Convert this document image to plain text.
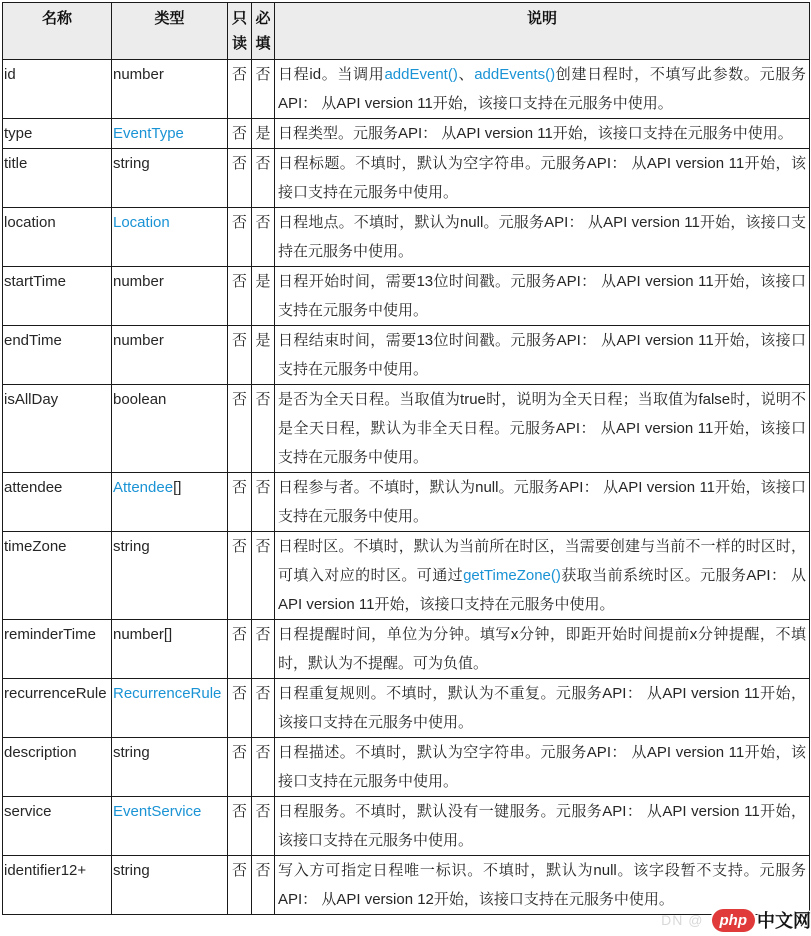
名称	类型	只读	必填	说明
id	number	否	否	日程id。当调用addEvent()、addEvents()创建日程时，不填写此参数。元服务API： 从API version 11开始，该接口支持在元服务中使用。
type	EventType	否	是	日程类型。元服务API： 从API version 11开始，该接口支持在元服务中使用。
title	string	否	否	日程标题。不填时，默认为空字符串。元服务API： 从API version 11开始，该接口支持在元服务中使用。
location	Location	否	否	日程地点。不填时，默认为null。元服务API： 从API version 11开始，该接口支持在元服务中使用。
startTime	number	否	是	日程开始时间，需要13位时间戳。元服务API： 从API version 11开始，该接口支持在元服务中使用。
endTime	number	否	是	日程结束时间，需要13位时间戳。元服务API： 从API version 11开始，该接口支持在元服务中使用。
isAllDay	boolean	否	否	是否为全天日程。当取值为true时，说明为全天日程；当取值为false时，说明不是全天日程，默认为非全天日程。元服务API： 从API version 11开始，该接口支持在元服务中使用。
attendee	Attendee[]	否	否	日程参与者。不填时，默认为null。元服务API： 从API version 11开始，该接口支持在元服务中使用。
timeZone	string	否	否	日程时区。不填时，默认为当前所在时区，当需要创建与当前不一样的时区时，可填入对应的时区。可通过getTimeZone()获取当前系统时区。元服务API： 从API version 11开始，该接口支持在元服务中使用。
reminderTime	number[]	否	否	日程提醒时间，单位为分钟。填写x分钟，即距开始时间提前x分钟提醒，不填时，默认为不提醒。可为负值。
recurrenceRule	RecurrenceRule	否	否	日程重复规则。不填时，默认为不重复。元服务API： 从API version 11开始，该接口支持在元服务中使用。
description	string	否	否	日程描述。不填时，默认为空字符串。元服务API： 从API version 11开始，该接口支持在元服务中使用。
service	EventService	否	否	日程服务。不填时，默认没有一键服务。元服务API： 从API version 11开始，该接口支持在元服务中使用。
identifier12+	string	否	否	写入方可指定日程唯一标识。不填时，默认为null。该字段暂不支持。元服务API： 从API version 12开始，该接口支持在元服务中使用。
DN @	php 中文网
